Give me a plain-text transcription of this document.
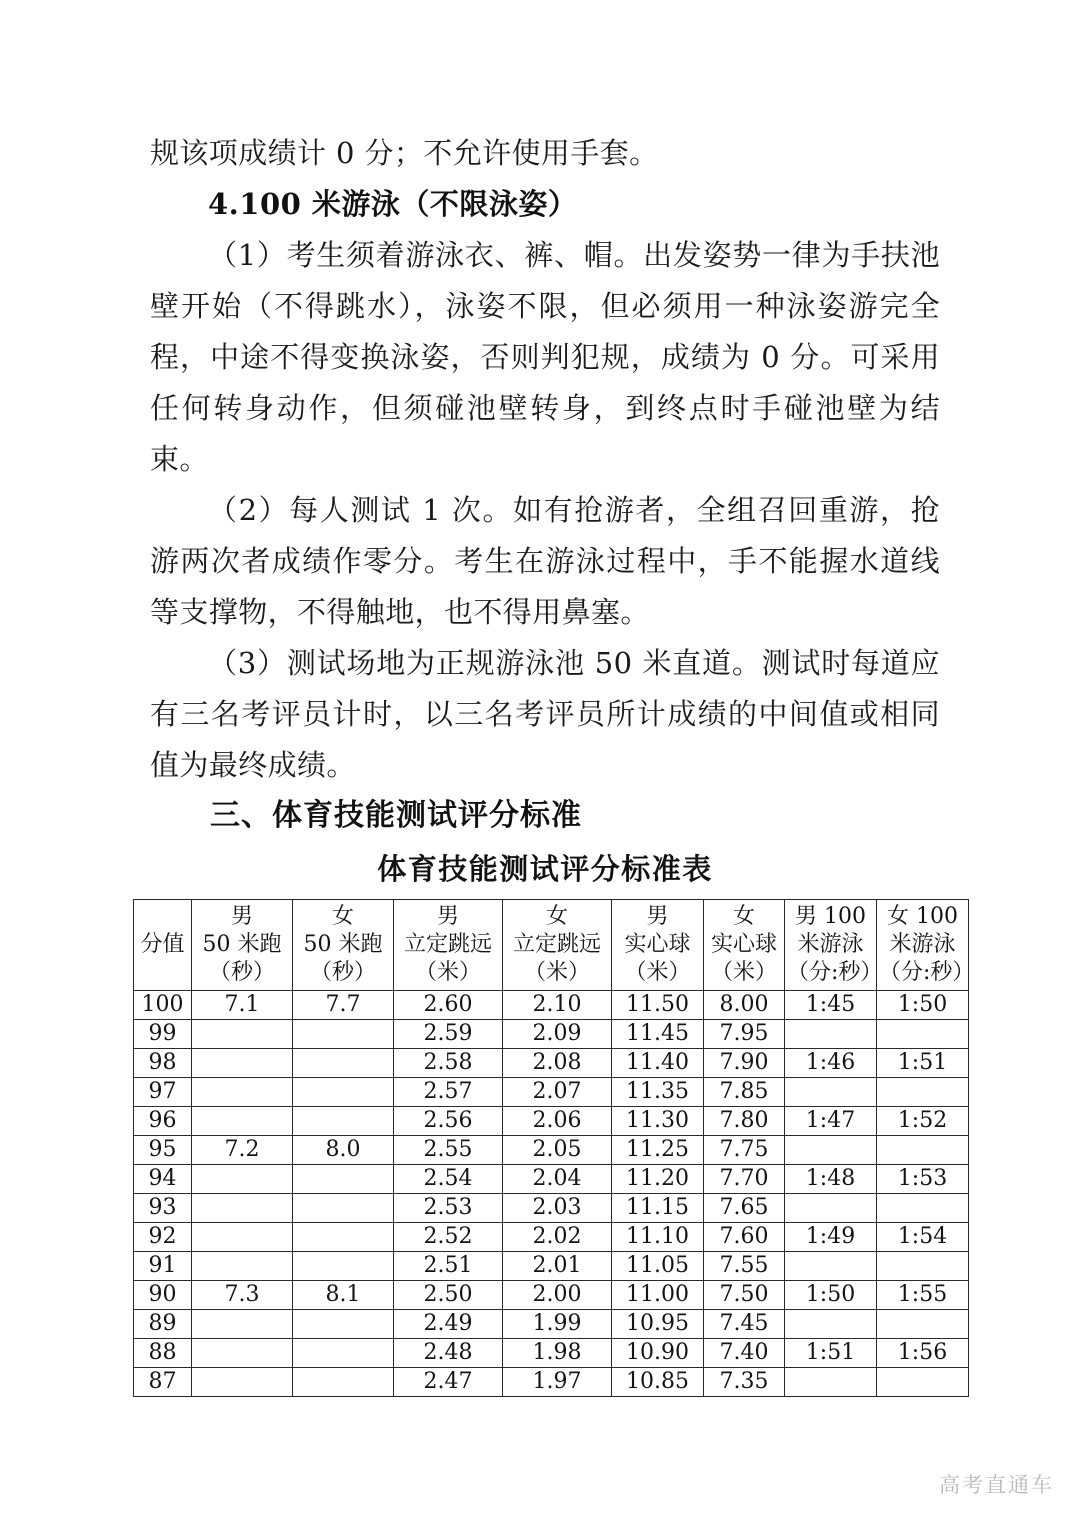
规该项成绩计 0 分；不允许使用手套。

4.100 米游泳（不限泳姿）

（1）考生须着游泳衣、裤、帽。出发姿势一律为手扶池壁开始（不得跳水），泳姿不限，但必须用一种泳姿游完全程，中途不得变换泳姿，否则判犯规，成绩为 0 分。可采用任何转身动作，但须碰池壁转身，到终点时手碰池壁为结束。

（2）每人测试 1 次。如有抢游者，全组召回重游，抢游两次者成绩作零分。考生在游泳过程中，手不能握水道线等支撑物，不得触地，也不得用鼻塞。

（3）测试场地为正规游泳池 50 米直道。测试时每道应有三名考评员计时，以三名考评员所计成绩的中间值或相同值为最终成绩。

三、体育技能测试评分标准

体育技能测试评分标准表

分值	男
50 米跑
（秒）	女
50 米跑
（秒）	男
立定跳远
（米）	女
立定跳远
（米）	男
实心球
（米）	女
实心球
（米）	男 100
米游泳
（分:秒）	女 100
米游泳
（分:秒）

100	7.1	7.7	2.60	2.10	11.50	8.00	1:45	1:50
99			2.59	2.09	11.45	7.95		
98			2.58	2.08	11.40	7.90	1:46	1:51
97			2.57	2.07	11.35	7.85		
96			2.56	2.06	11.30	7.80	1:47	1:52
95	7.2	8.0	2.55	2.05	11.25	7.75		
94			2.54	2.04	11.20	7.70	1:48	1:53
93			2.53	2.03	11.15	7.65		
92			2.52	2.02	11.10	7.60	1:49	1:54
91			2.51	2.01	11.05	7.55		
90	7.3	8.1	2.50	2.00	11.00	7.50	1:50	1:55
89			2.49	1.99	10.95	7.45		
88			2.48	1.98	10.90	7.40	1:51	1:56
87			2.47	1.97	10.85	7.35		
高考直通车
